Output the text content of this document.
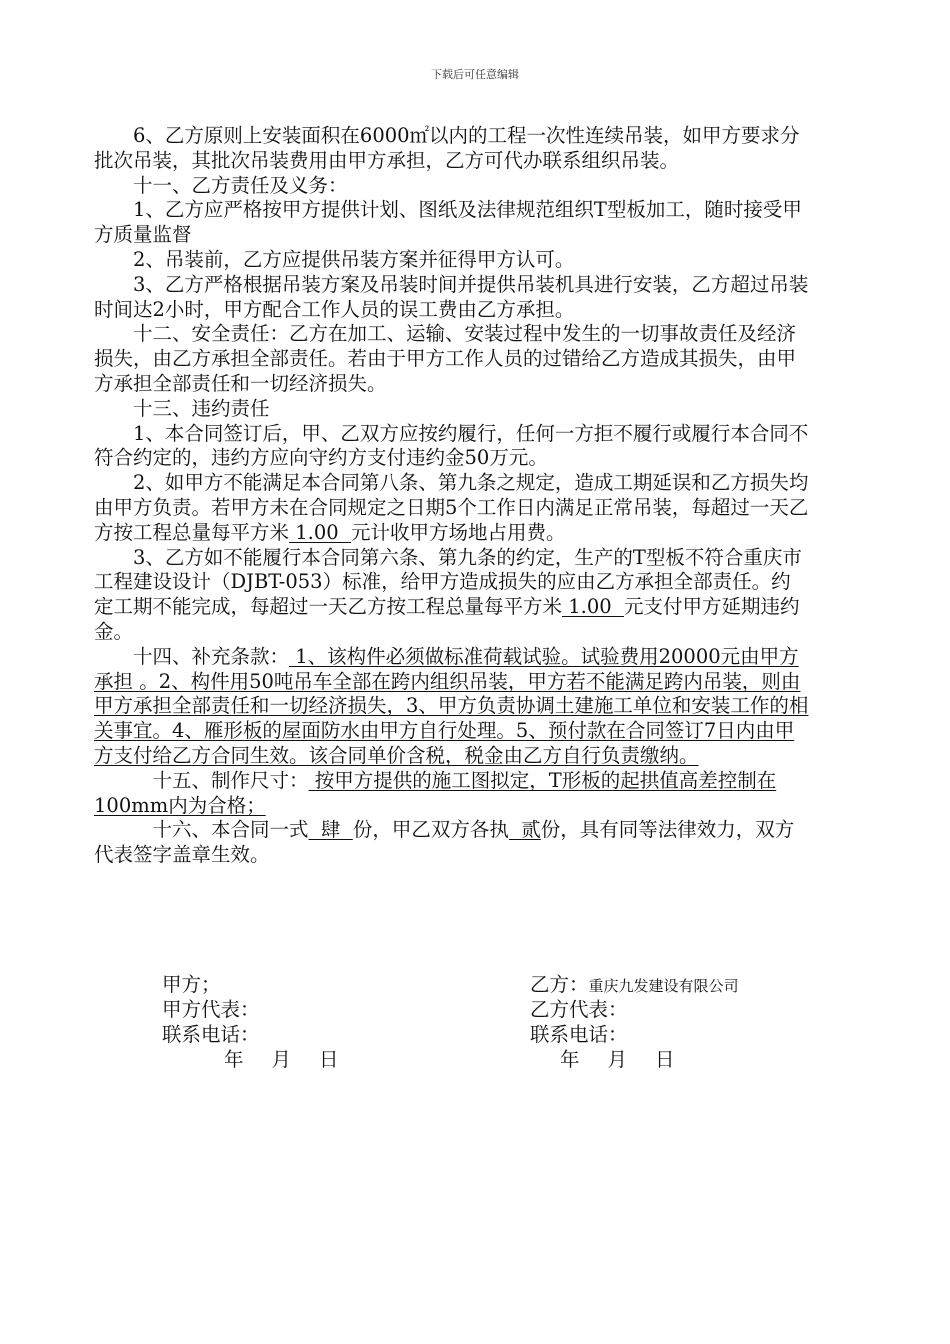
下载后可任意编辑

6、乙方原则上安装面积在6000㎡以内的工程一次性连续吊装，如甲方要求分批次吊装，其批次吊装费用由甲方承担，乙方可代办联系组织吊装。

十一、乙方责任及义务：

1、乙方应严格按甲方提供计划、图纸及法律规范组织T型板加工，随时接受甲方质量监督

2、吊装前，乙方应提供吊装方案并征得甲方认可。

3、乙方严格根据吊装方案及吊装时间并提供吊装机具进行安装，乙方超过吊装时间达2小时，甲方配合工作人员的误工费由乙方承担。

十二、安全责任：乙方在加工、运输、安装过程中发生的一切事故责任及经济损失，由乙方承担全部责任。若由于甲方工作人员的过错给乙方造成其损失，由甲方承担全部责任和一切经济损失。

十三、违约责任

1、本合同签订后，甲、乙双方应按约履行，任何一方拒不履行或履行本合同不符合约定的，违约方应向守约方支付违约金50万元。

2、如甲方不能满足本合同第八条、第九条之规定，造成工期延误和乙方损失均由甲方负责。若甲方未在合同规定之日期5个工作日内满足正常吊装，每超过一天乙方按工程总量每平方米 1.00  元计收甲方场地占用费。

3、乙方如不能履行本合同第六条、第九条的约定，生产的T型板不符合重庆市工程建设设计（DJBT-053）标准，给甲方造成损失的应由乙方承担全部责任。约定工期不能完成，每超过一天乙方按工程总量每平方米 1.00  元支付甲方延期违约金。

十四、补充条款： 1、该构件必须做标准荷载试验。试验费用20000元由甲方承担 。2、构件用50吨吊车全部在跨内组织吊装，甲方若不能满足跨内吊装，则由甲方承担全部责任和一切经济损失，3、甲方负责协调土建施工单位和安装工作的相关事宜。4、雁形板的屋面防水由甲方自行处理。5、预付款在合同签订7日内由甲方支付给乙方合同生效。该合同单价含税，税金由乙方自行负责缴纳。

十五、制作尺寸： 按甲方提供的施工图拟定，T形板的起拱值高差控制在100mm内为合格；

十六、本合同一式  肆  份，甲乙双方各执  贰份，具有同等法律效力，双方代表签字盖章生效。

甲方；
甲方代表：
联系电话：
年 月 日
乙方：重庆九发建设有限公司
乙方代表：
联系电话：
年 月 日
